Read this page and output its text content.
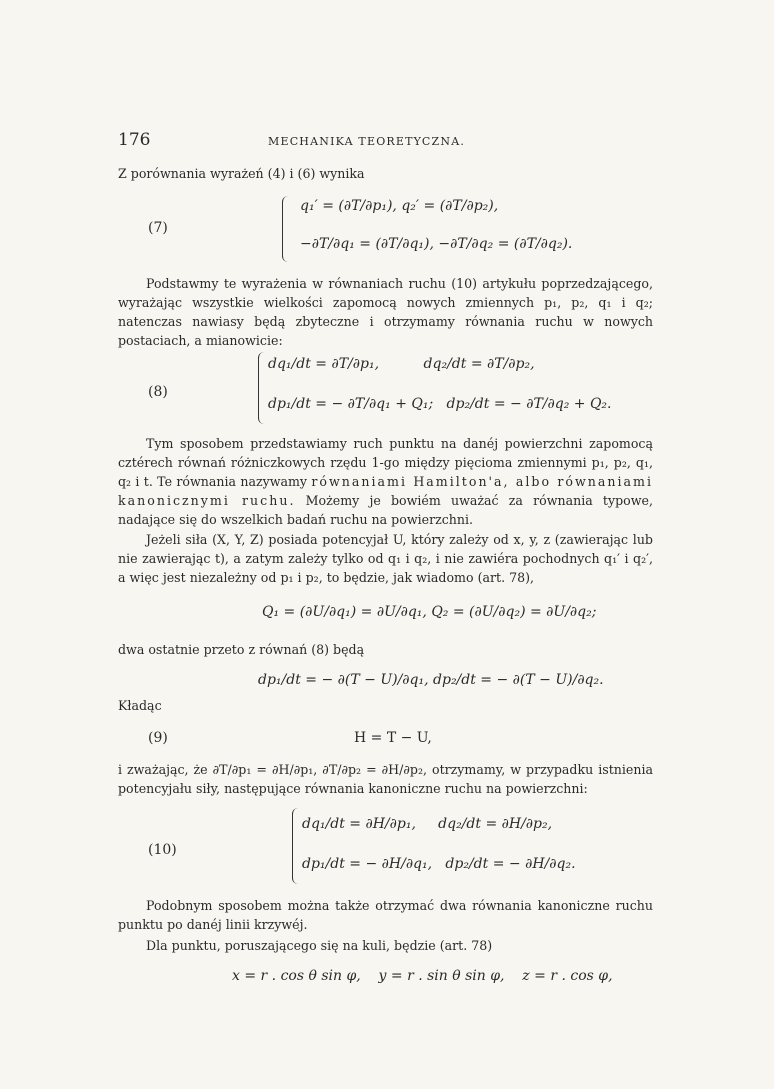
176	MECHANIKA TEORETYCZNA.

Z porównania wyrażeń (4) i (6) wynika

(7)
q₁′ = (∂T/∂p₁), q₂′ = (∂T/∂p₂),
−∂T/∂q₁ = (∂T/∂q₁), −∂T/∂q₂ = (∂T/∂q₂).

Podstawmy te wyrażenia w równaniach ruchu (10) artykułu poprzedzającego, wyrażając wszystkie wielkości zapomocą nowych zmiennych p₁, p₂, q₁ i q₂; natenczas nawiasy będą zbyteczne i otrzymamy równania ruchu w nowych postaciach, a mianowicie:

(8)
dq₁/dt = ∂T/∂p₁,          dq₂/dt = ∂T/∂p₂,
dp₁/dt = − ∂T/∂q₁ + Q₁;   dp₂/dt = − ∂T/∂q₂ + Q₂.

Tym sposobem przedstawiamy ruch punktu na danéj powierzchni zapomocą cztérech równań różniczkowych rzędu 1-go między pięcioma zmiennymi p₁, p₂, q₁, q₂ i t. Te równania nazywamy równaniami Hamilton'a, albo równaniami kanonicznymi ruchu. Możemy je bowiém uważać za równania typowe, nadające się do wszelkich badań ruchu na powierzchni.

Jeżeli siła (X, Y, Z) posiada potencyjał U, który zależy od x, y, z (zawierając lub nie zawierając t), a zatym zależy tylko od q₁ i q₂, i nie zawiéra pochodnych q₁′ i q₂′, a więc jest niezależny od p₁ i p₂, to będzie, jak wiadomo (art. 78),

Q₁ = (∂U/∂q₁) = ∂U/∂q₁, Q₂ = (∂U/∂q₂) = ∂U/∂q₂;

dwa ostatnie przeto z równań (8) będą

dp₁/dt = − ∂(T − U)/∂q₁, dp₂/dt = − ∂(T − U)/∂q₂.

Kładąc

(9)	H = T − U,

i zważając, że ∂T/∂p₁ = ∂H/∂p₁, ∂T/∂p₂ = ∂H/∂p₂, otrzymamy, w przypadku istnienia potencyjału siły, następujące równania kanoniczne ruchu na powierzchni:

(10)
dq₁/dt = ∂H/∂p₁,     dq₂/dt = ∂H/∂p₂,
dp₁/dt = − ∂H/∂q₁,   dp₂/dt = − ∂H/∂q₂.

Podobnym sposobem można także otrzymać dwa równania kanoniczne ruchu punktu po danéj linii krzywéj.

Dla punktu, poruszającego się na kuli, będzie (art. 78)

x = r . cos θ sin φ,    y = r . sin θ sin φ,    z = r . cos φ,
